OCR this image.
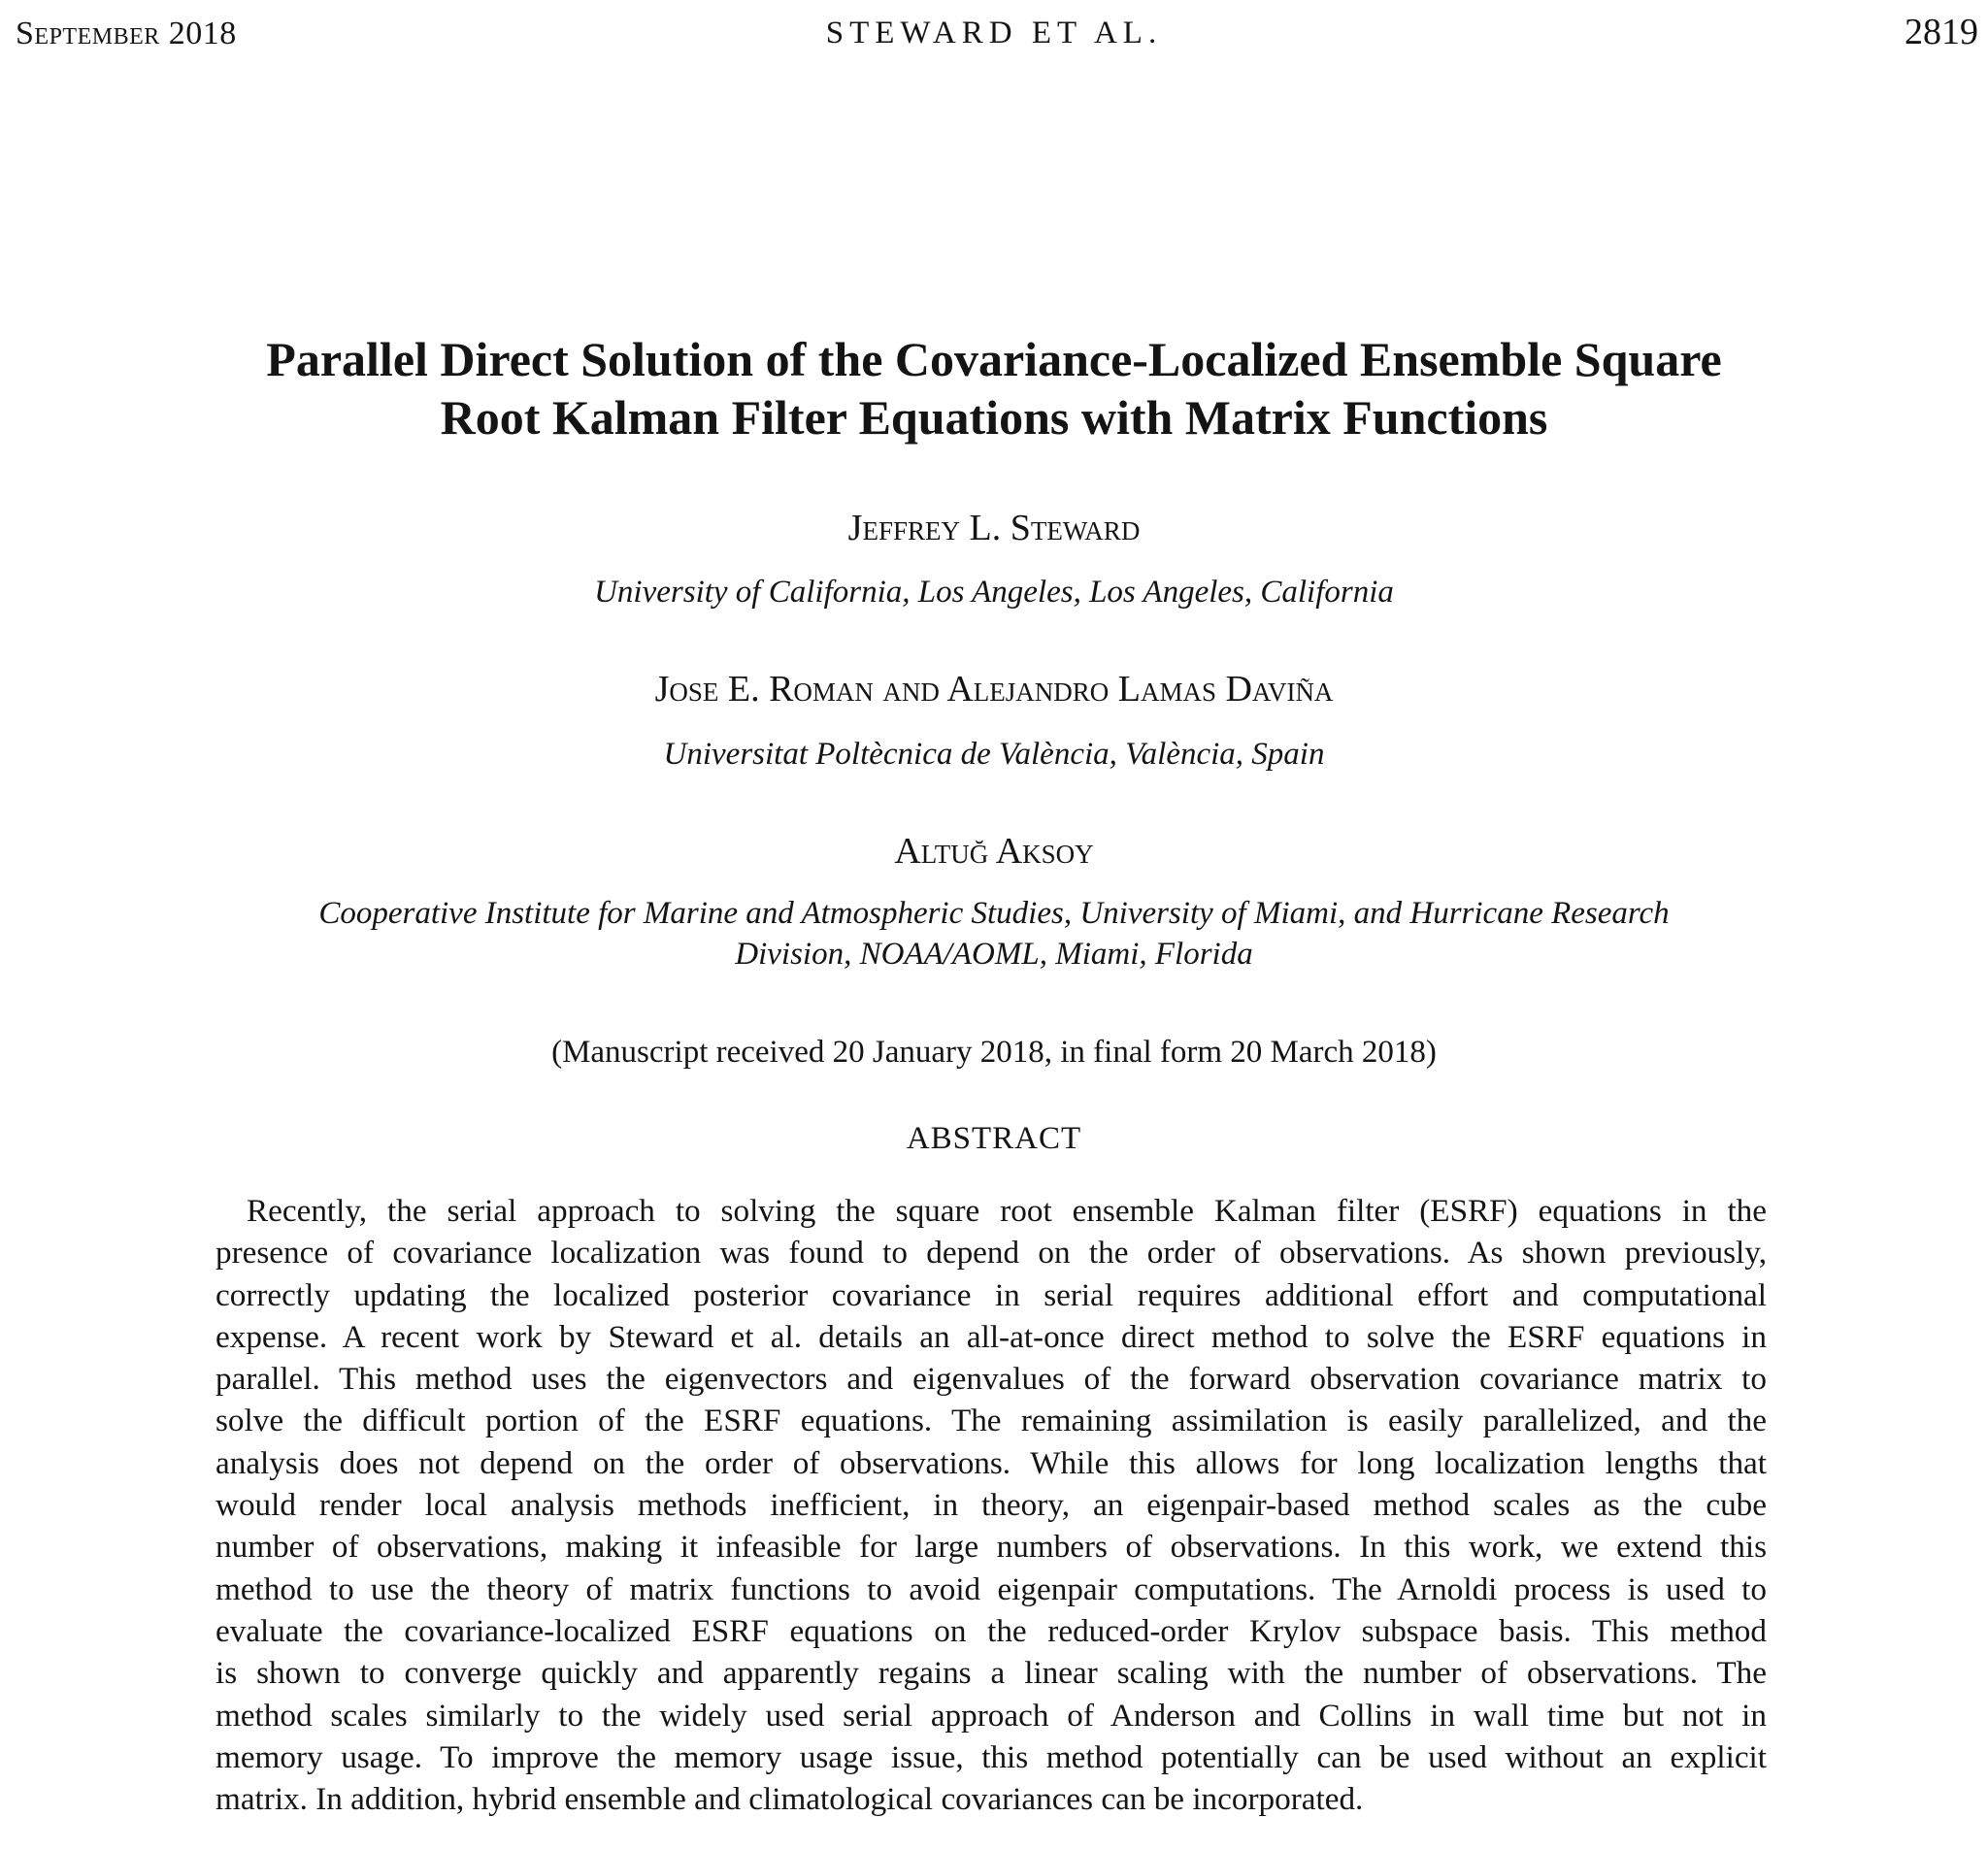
September 2018	STEWARD ET AL.	2819
Parallel Direct Solution of the Covariance-Localized Ensemble Square
Root Kalman Filter Equations with Matrix Functions
Jeffrey L. Steward
University of California, Los Angeles, Los Angeles, California
Jose E. Roman and Alejandro Lamas Daviña
Universitat Poltècnica de València, València, Spain
Altuğ Aksoy
Cooperative Institute for Marine and Atmospheric Studies, University of Miami, and Hurricane Research
Division, NOAA/AOML, Miami, Florida
(Manuscript received 20 January 2018, in final form 20 March 2018)
ABSTRACT
Recently, the serial approach to solving the square root ensemble Kalman filter (ESRF) equations in the
presence of covariance localization was found to depend on the order of observations. As shown previously,
correctly updating the localized posterior covariance in serial requires additional effort and computational
expense. A recent work by Steward et al. details an all-at-once direct method to solve the ESRF equations in
parallel. This method uses the eigenvectors and eigenvalues of the forward observation covariance matrix to
solve the difficult portion of the ESRF equations. The remaining assimilation is easily parallelized, and the
analysis does not depend on the order of observations. While this allows for long localization lengths that
would render local analysis methods inefficient, in theory, an eigenpair-based method scales as the cube
number of observations, making it infeasible for large numbers of observations. In this work, we extend this
method to use the theory of matrix functions to avoid eigenpair computations. The Arnoldi process is used to
evaluate the covariance-localized ESRF equations on the reduced-order Krylov subspace basis. This method
is shown to converge quickly and apparently regains a linear scaling with the number of observations. The
method scales similarly to the widely used serial approach of Anderson and Collins in wall time but not in
memory usage. To improve the memory usage issue, this method potentially can be used without an explicit
matrix. In addition, hybrid ensemble and climatological covariances can be incorporated.
